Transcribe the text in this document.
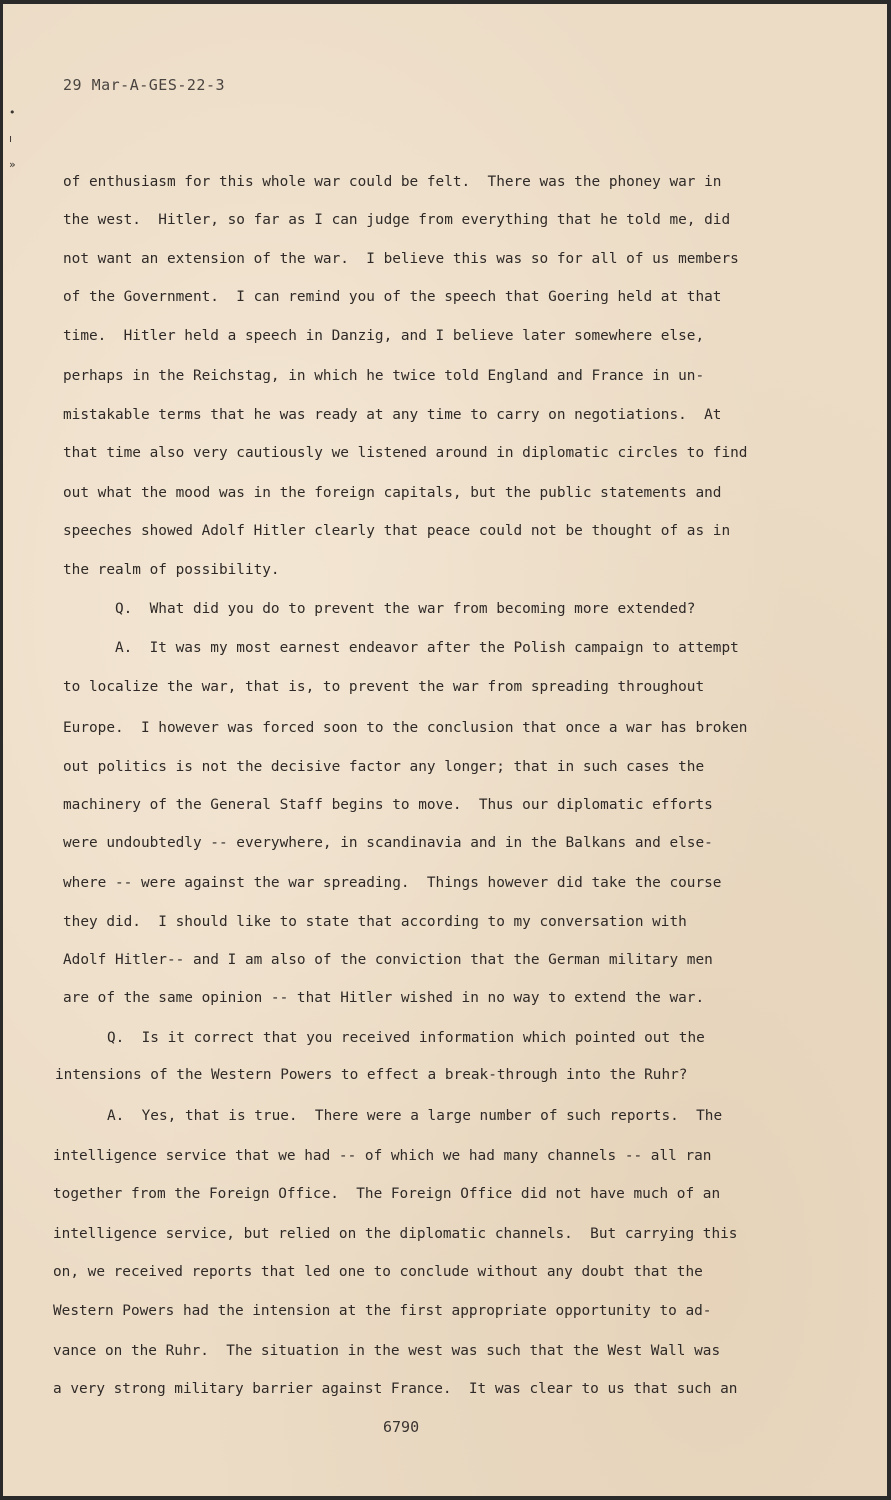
29 Mar-A-GES-22-3
•
ı
»
of enthusiasm for this whole war could be felt.  There was the phoney war in
the west.  Hitler, so far as I can judge from everything that he told me, did
not want an extension of the war.  I believe this was so for all of us members
of the Government.  I can remind you of the speech that Goering held at that
time.  Hitler held a speech in Danzig, and I believe later somewhere else,
perhaps in the Reichstag, in which he twice told England and France in un-
mistakable terms that he was ready at any time to carry on negotiations.  At
that time also very cautiously we listened around in diplomatic circles to find
out what the mood was in the foreign capitals, but the public statements and
speeches showed Adolf Hitler clearly that peace could not be thought of as in
the realm of possibility.
Q.  What did you do to prevent the war from becoming more extended?
A.  It was my most earnest endeavor after the Polish campaign to attempt
to localize the war, that is, to prevent the war from spreading throughout
Europe.  I however was forced soon to the conclusion that once a war has broken
out politics is not the decisive factor any longer; that in such cases the
machinery of the General Staff begins to move.  Thus our diplomatic efforts
were undoubtedly -- everywhere, in scandinavia and in the Balkans and else-
where -- were against the war spreading.  Things however did take the course
they did.  I should like to state that according to my conversation with
Adolf Hitler-- and I am also of the conviction that the German military men
are of the same opinion -- that Hitler wished in no way to extend the war.
Q.  Is it correct that you received information which pointed out the
intensions of the Western Powers to effect a break-through into the Ruhr?
A.  Yes, that is true.  There were a large number of such reports.  The
intelligence service that we had -- of which we had many channels -- all ran
together from the Foreign Office.  The Foreign Office did not have much of an
intelligence service, but relied on the diplomatic channels.  But carrying this
on, we received reports that led one to conclude without any doubt that the
Western Powers had the intension at the first appropriate opportunity to ad-
vance on the Ruhr.  The situation in the west was such that the West Wall was
a very strong military barrier against France.  It was clear to us that such an
6790
